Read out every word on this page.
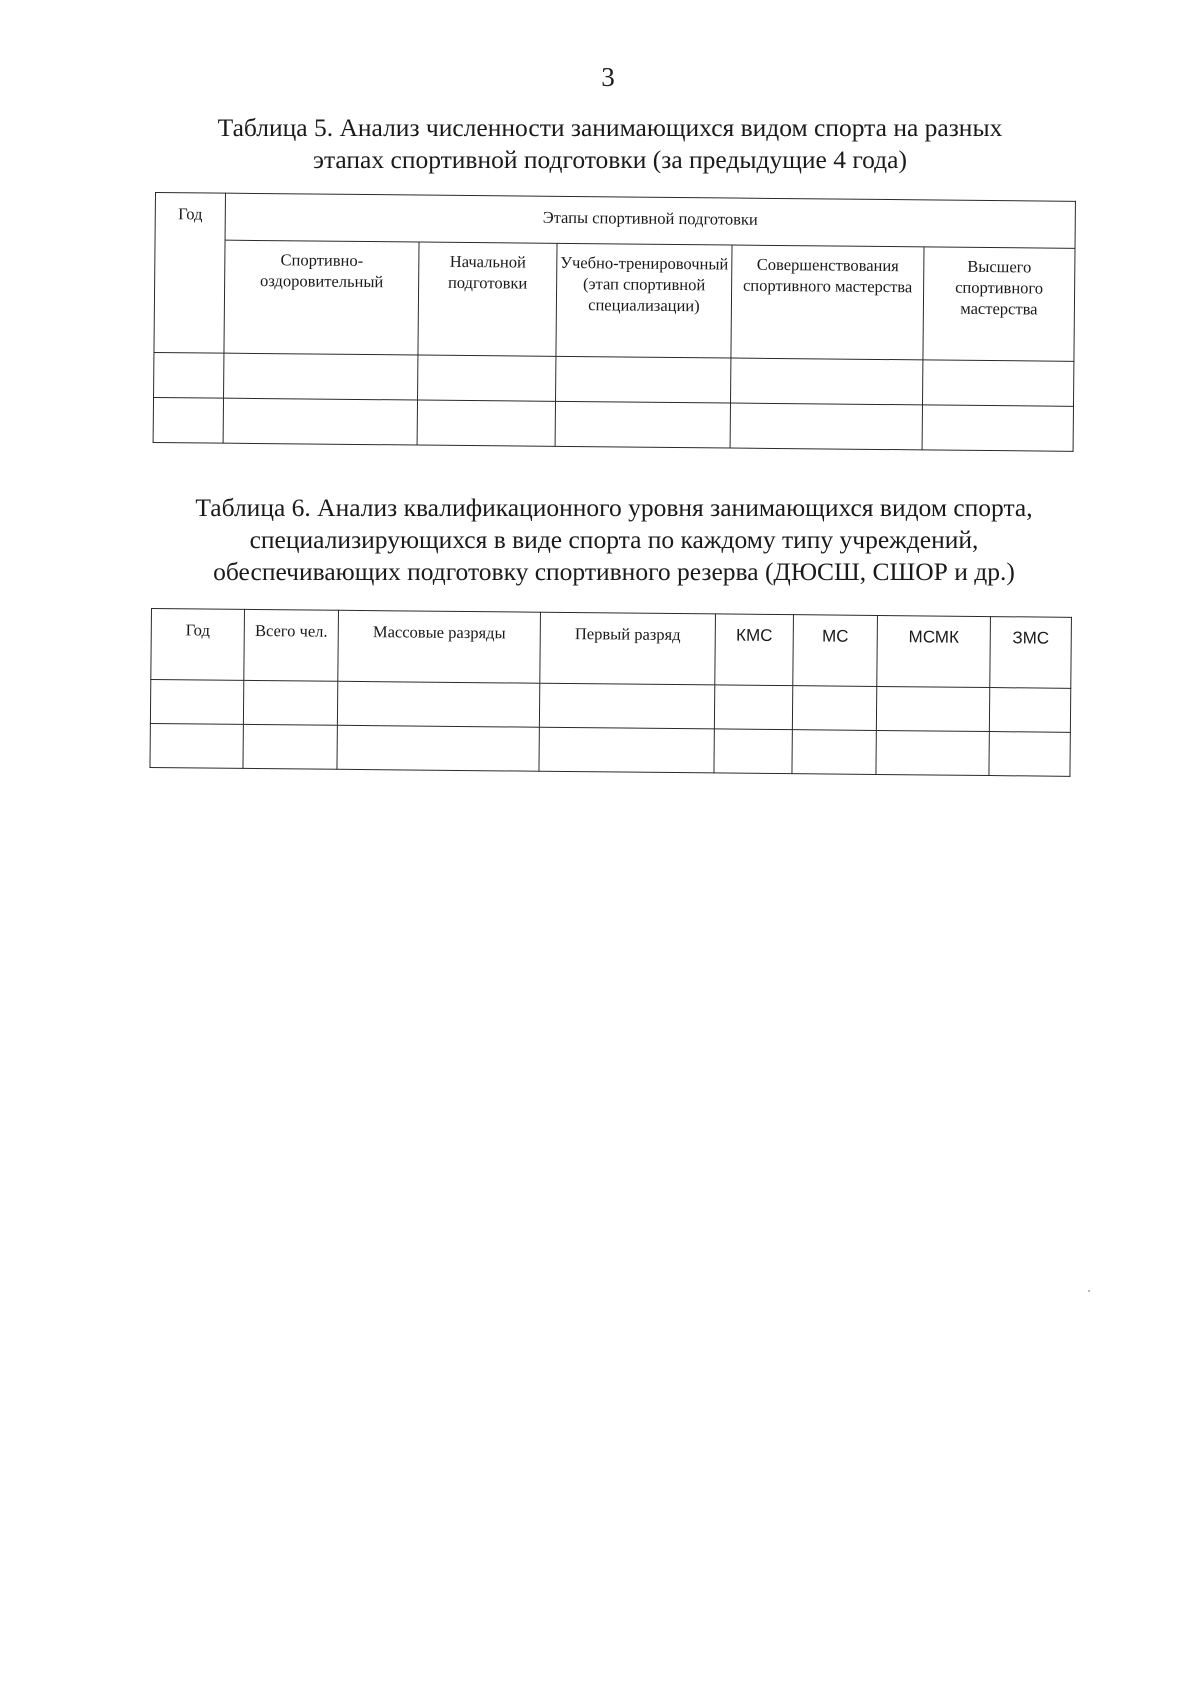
3
Таблица 5. Анализ численности занимающихся видом спорта на разных
этапах спортивной подготовки (за предыдущие 4 года)
Год	Этапы спортивной подготовки				
	Спортивно-оздоровительный	Начальной подготовки	Учебно-тренировочный (этап спортивной специализации)	Совершенствования спортивного мастерства	Высшего спортивного мастерства

Таблица 6. Анализ квалификационного уровня занимающихся видом спорта,
специализирующихся в виде спорта по каждому типу учреждений,
обеспечивающих подготовку спортивного резерва (ДЮСШ, СШОР и др.)
Год	Всего чел.	Массовые разряды	Первый разряд	КМС	МС	МСМК	ЗМС
